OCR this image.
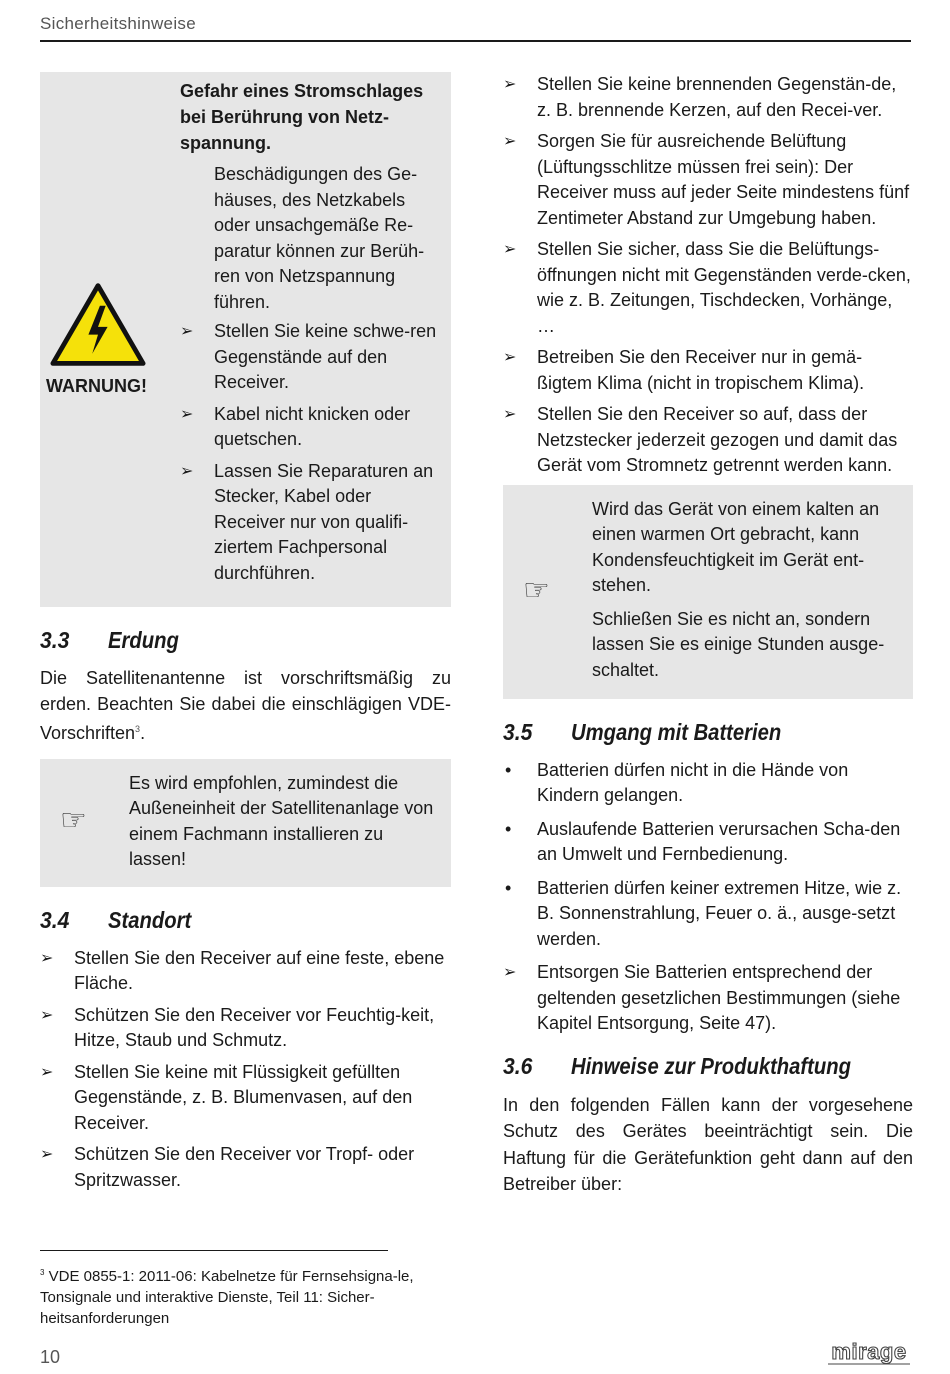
Sicherheitshinweise
WARNUNG!

Gefahr eines Stromschlages bei Berührung von Netz-spannung.

Beschädigungen des Ge-häuses, des Netzkabels oder unsachgemäße Re-paratur können zur Berüh-ren von Netzspannung führen.

➢ Stellen Sie keine schwe-ren Gegenstände auf den Receiver.
➢ Kabel nicht knicken oder quetschen.
➢ Lassen Sie Reparaturen an Stecker, Kabel oder Receiver nur von qualifi-ziertem Fachpersonal durchführen.
3.3	Erdung

Die Satellitenantenne ist vorschriftsmäßig zu erden. Beachten Sie dabei die einschlägigen VDE-Vorschriften$^3$.

☞

Es wird empfohlen, zumindest die Außeneinheit der Satellitenanlage von einem Fachmann installieren zu lassen!

3.4	Standort
➢ Stellen Sie den Receiver auf eine feste, ebene Fläche.
➢ Schützen Sie den Receiver vor Feuchtig-keit, Hitze, Staub und Schmutz.
➢ Stellen Sie keine mit Flüssigkeit gefüllten Gegenstände, z. B. Blumenvasen, auf den Receiver.
➢ Schützen Sie den Receiver vor Tropf- oder Spritzwasser.
➢ Stellen Sie keine brennenden Gegenstän-de, z. B. brennende Kerzen, auf den Recei-ver.
➢ Sorgen Sie für ausreichende Belüftung (Lüftungsschlitze müssen frei sein): Der Receiver muss auf jeder Seite mindestens fünf Zentimeter Abstand zur Umgebung haben.
➢ Stellen Sie sicher, dass Sie die Belüftungs-öffnungen nicht mit Gegenständen verde-cken, wie z. B. Zeitungen, Tischdecken, Vorhänge, …
➢ Betreiben Sie den Receiver nur in gemä-ßigtem Klima (nicht in tropischem Klima).
➢ Stellen Sie den Receiver so auf, dass der Netzstecker jederzeit gezogen und damit das Gerät vom Stromnetz getrennt werden kann.
☞

Wird das Gerät von einem kalten an einen warmen Ort gebracht, kann Kondensfeuchtigkeit im Gerät ent-stehen.

Schließen Sie es nicht an, sondern lassen Sie es einige Stunden ausge-schaltet.

3.5	Umgang mit Batterien
• Batterien dürfen nicht in die Hände von Kindern gelangen.
• Auslaufende Batterien verursachen Scha-den an Umwelt und Fernbedienung.
• Batterien dürfen keiner extremen Hitze, wie z. B. Sonnenstrahlung, Feuer o. ä., ausge-setzt werden.
➢ Entsorgen Sie Batterien entsprechend der geltenden gesetzlichen Bestimmungen (siehe Kapitel Entsorgung, Seite 47).
3.6	Hinweise zur Produkthaftung

In den folgenden Fällen kann der vorgesehene Schutz des Gerätes beeinträchtigt sein. Die Haftung für die Gerätefunktion geht dann auf den Betreiber über:

$^3$ VDE 0855-1: 2011-06: Kabelnetze für Fernsehsigna-le, Tonsignale und interaktive Dienste, Teil 11: Sicher-heitsanforderungen
10	mirage
